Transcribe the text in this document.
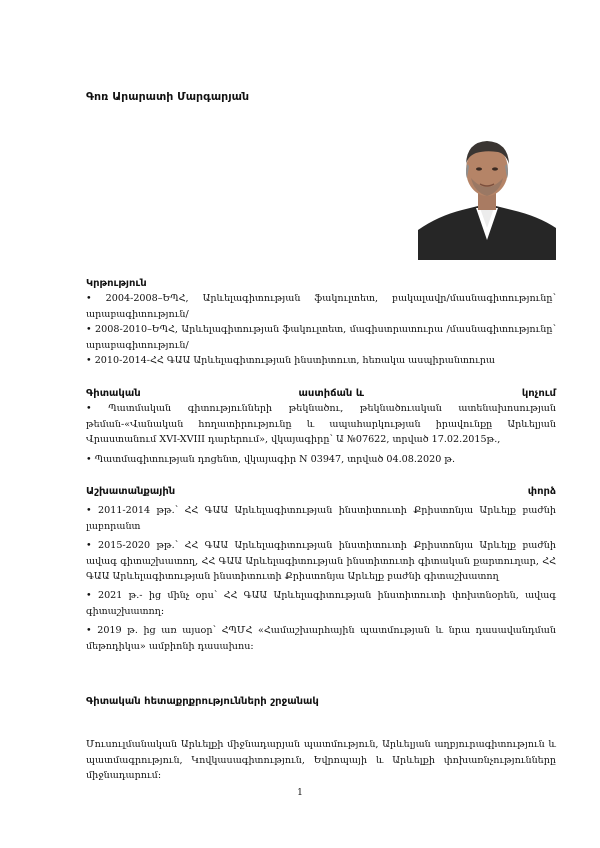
Գոռ Արարատի Մարգարյան
Կրթություն

• 2004-2008–ԵՊՀ, Արևելագիտության ֆակուլտետ, բակալավր/մասնագիտությունը՝ արաբագիտություն/

• 2008-2010–ԵՊՀ, Արևելագիտության ֆակուլտետ, մագիստրատուրա /մասնագիտությունը՝ արաբագիտություն/

• 2010-2014-ՀՀ ԳԱԱ Արևելագիտության ինստիտուտ, հեռակա ասպիրանտուրա

Գիտական	աստիճան և	կոչում

• Պատմական գիտությունների թեկնածու, թեկնածուական ատենախոսության թեման-«Վանական հողատիրությունը և ապահարկության իրավունքը Արևելյան Վրաստանում XVI-XVIII դարերում», վկայագիրը՝ Ա №07622, տրված 17.02.2015թ.,

• Պատմագիտության դոցենտ, վկայագիր N 03947, տրված 04.08.2020 թ.

Աշխատանքային	փորձ

• 2011-2014 թթ.՝ ՀՀ ԳԱԱ Արևելագիտության ինստիտուտի Քրիստոնյա Արևելք բաժնի լաբորանտ

• 2015-2020 թթ.՝ ՀՀ ԳԱԱ Արևելագիտության ինստիտուտի Քրիստոնյա Արևելք բաժնի ավագ գիտաշխատող, ՀՀ ԳԱԱ Արևելագիտության ինստիտուտի գիտական քարտուղար, ՀՀ ԳԱԱ Արևելագիտության ինստիտուտի Քրիստոնյա Արևելք բաժնի գիտաշխատող

• 2021 թ.- ից մինչ օրս՝ ՀՀ ԳԱԱ Արևելագիտության ինստիտուտի փոխտնօրեն, ավագ գիտաշխատող։

• 2019 թ. ից առ այսօր՝ ՀՊՄՀ «Համաշխարհային պատմության և նրա դասավանդման մեթոդիկա» ամբիոնի դասախոս:

Գիտական հետաքրքրությունների շրջանակ

Մուսուլմանական Արևելքի միջնադարյան պատմություն, Արևելյան աղբյուրագիտություն և պատմագրություն, Կովկասագիտություն, Եվրոպայի և Արևելքի փոխառնչությունները միջնադարում:

1
